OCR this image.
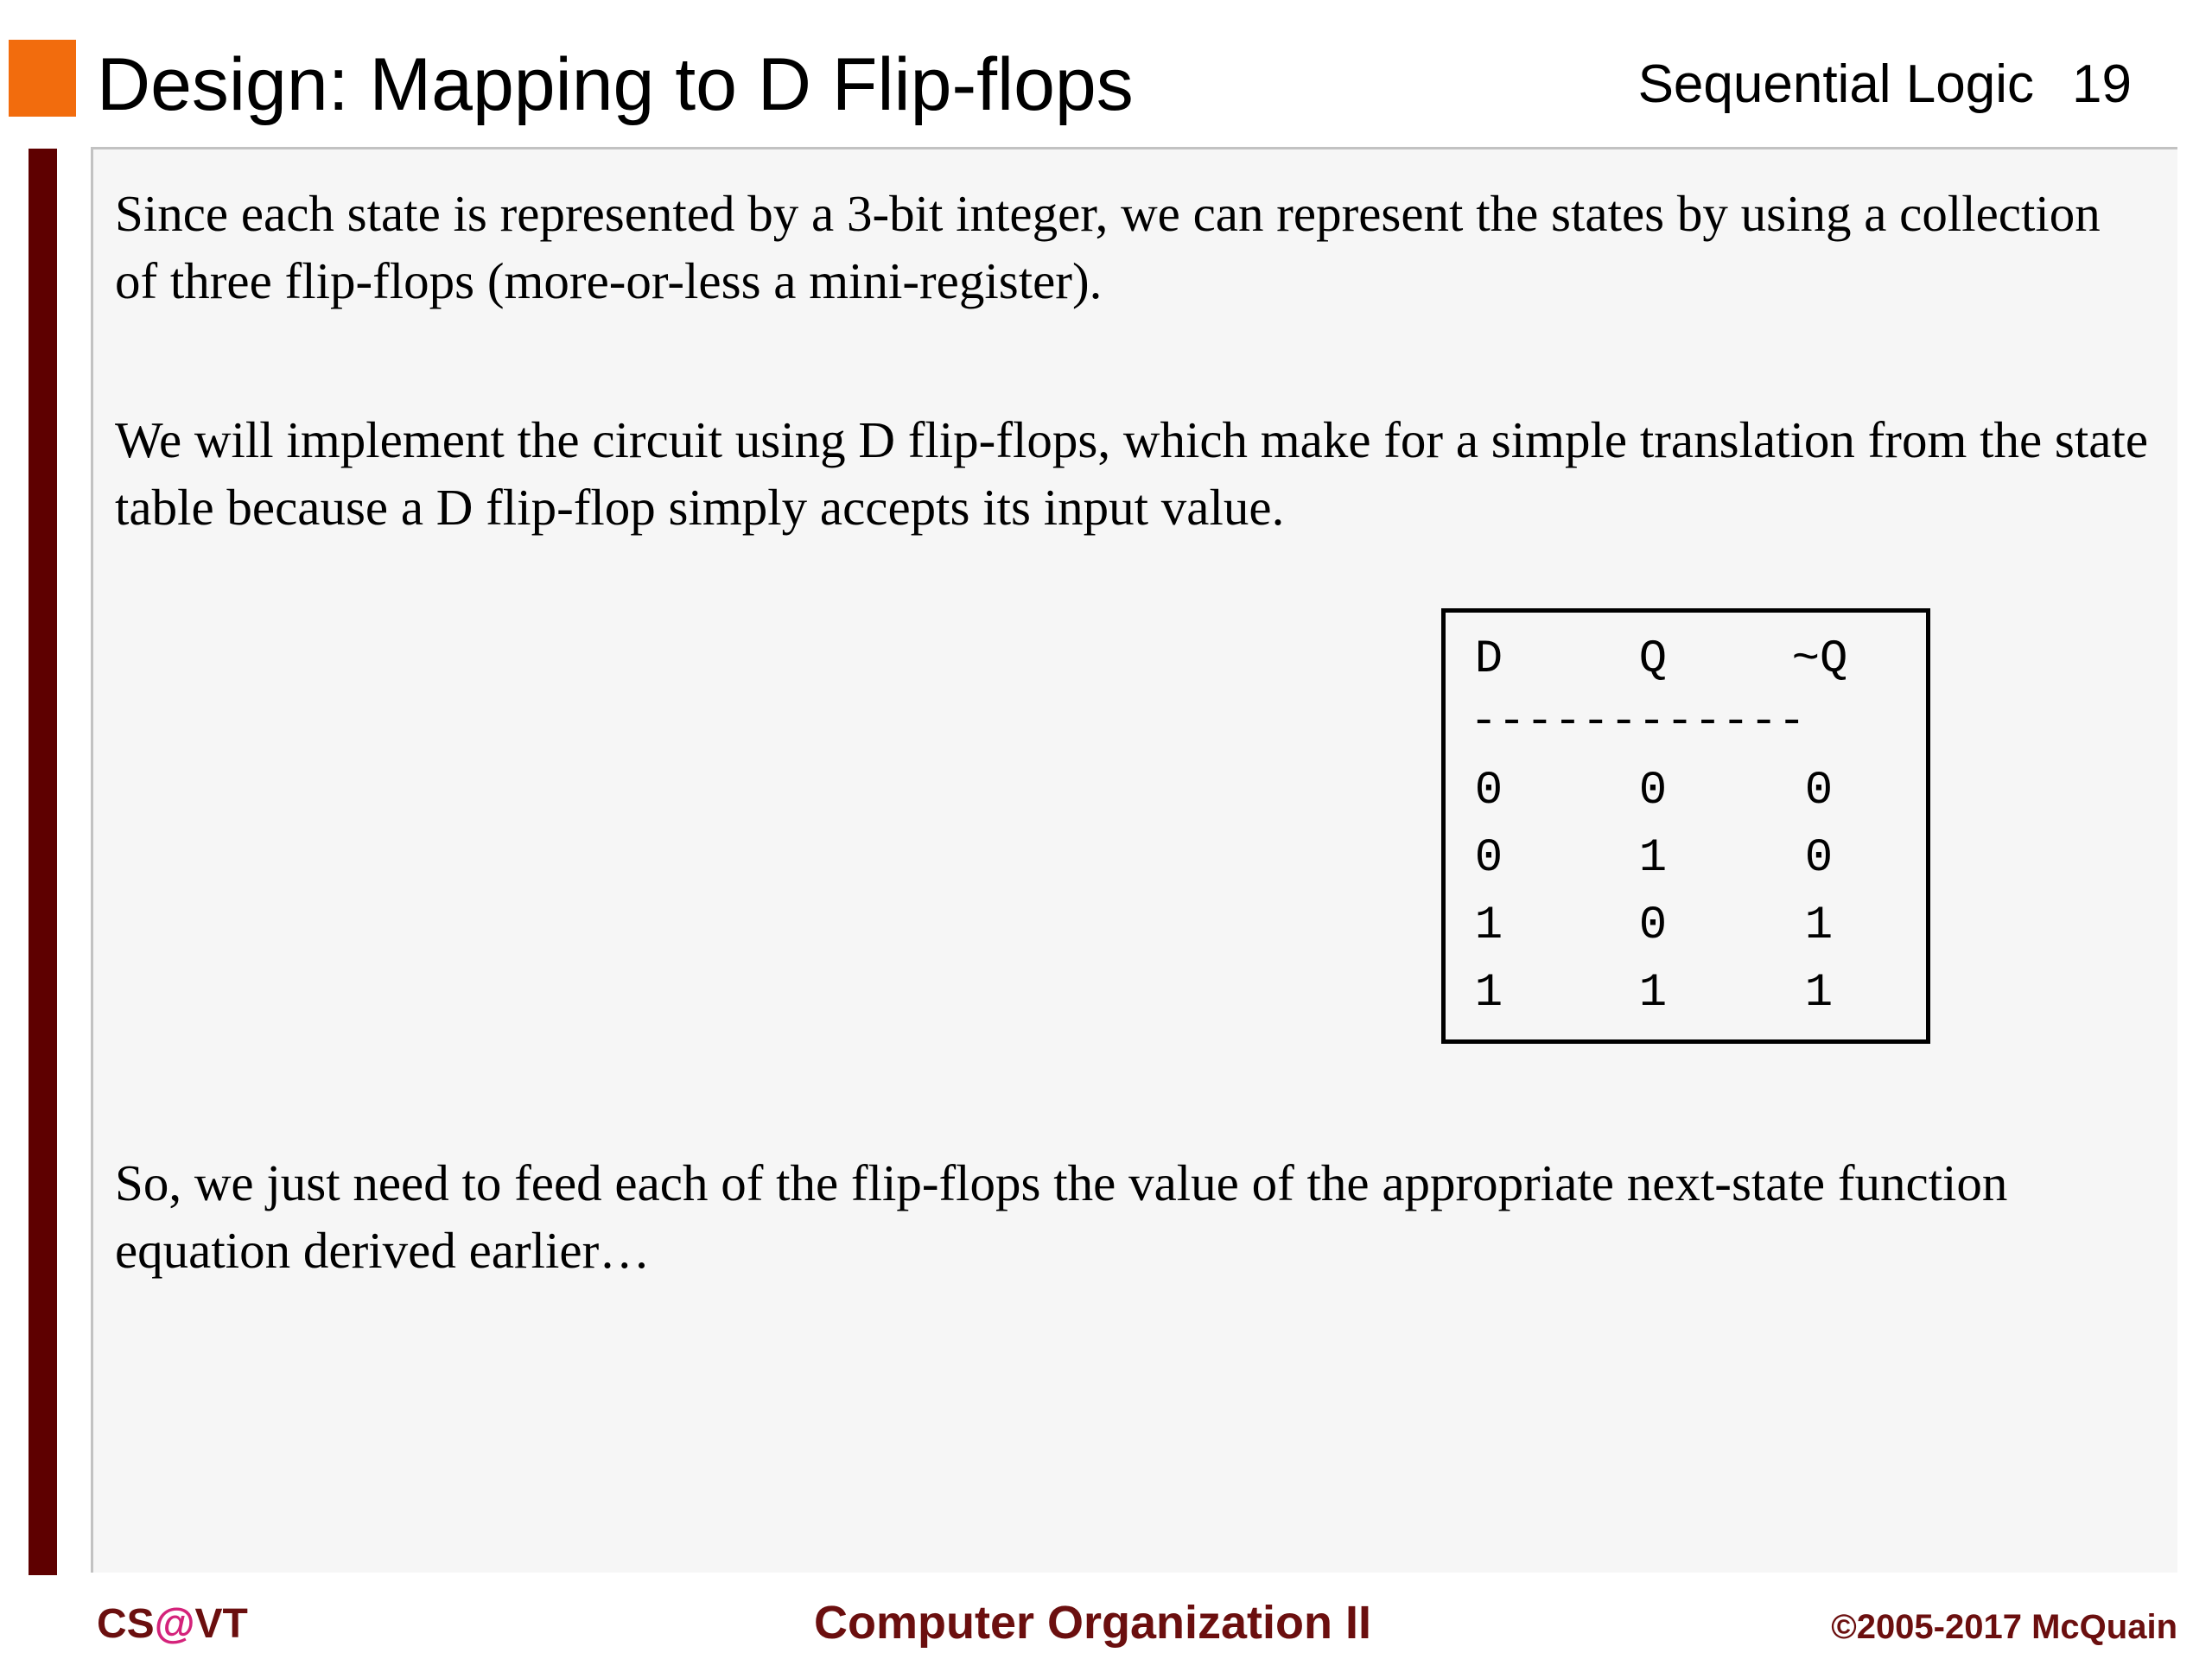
Design: Mapping to D Flip-flops	Sequential Logic 19

Since each state is represented by a 3-bit integer, we can represent the states by using a collection of three flip-flops (more-or-less a mini-register).

We will implement the circuit using D flip-flops, which make for a simple translation from the state table because a D flip-flop simply accepts its input value.

D	Q	~Q
------------
0	0	0
0	1	0
1	0	1
1	1	1

So, we just need to feed each of the flip-flops the value of the appropriate next-state function equation derived earlier…

CS@VT	Computer Organization II	©2005-2017 McQuain
